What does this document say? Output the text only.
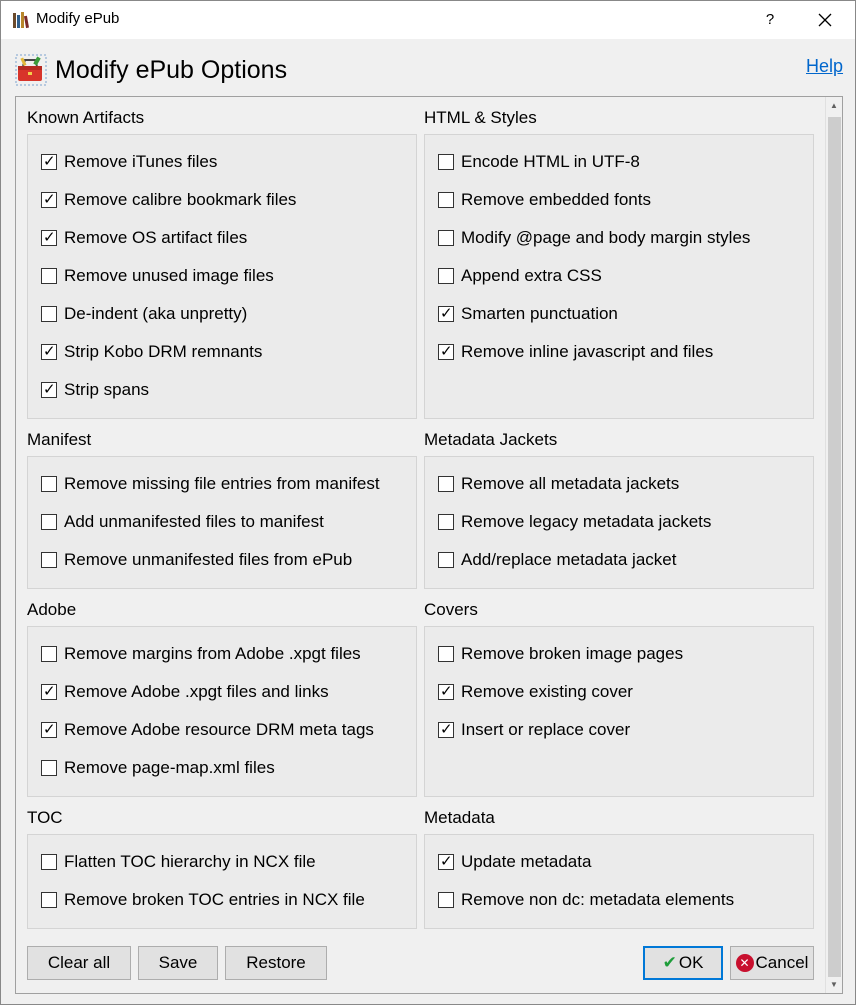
Modify ePub	?
Modify ePub Options	Help
▲
▼
Known Artifacts
✓
Remove iTunes files
✓
Remove calibre bookmark files
✓
Remove OS artifact files
Remove unused image files
De-indent (aka unpretty)
✓
Strip Kobo DRM remnants
✓
Strip spans
HTML & Styles
Encode HTML in UTF-8
Remove embedded fonts
Modify @page and body margin styles
Append extra CSS
✓
Smarten punctuation
✓
Remove inline javascript and files
Manifest
Remove missing file entries from manifest
Add unmanifested files to manifest
Remove unmanifested files from ePub
Metadata Jackets
Remove all metadata jackets
Remove legacy metadata jackets
Add/replace metadata jacket
Adobe
Remove margins from Adobe .xpgt files
✓
Remove Adobe .xpgt files and links
✓
Remove Adobe resource DRM meta tags
Remove page-map.xml files
Covers
Remove broken image pages
✓
Remove existing cover
✓
Insert or replace cover
TOC
Flatten TOC hierarchy in NCX file
Remove broken TOC entries in NCX file
Metadata
✓
Update metadata
Remove non dc: metadata elements
Clear all	Save	Restore	✔ OK	✕ Cancel
